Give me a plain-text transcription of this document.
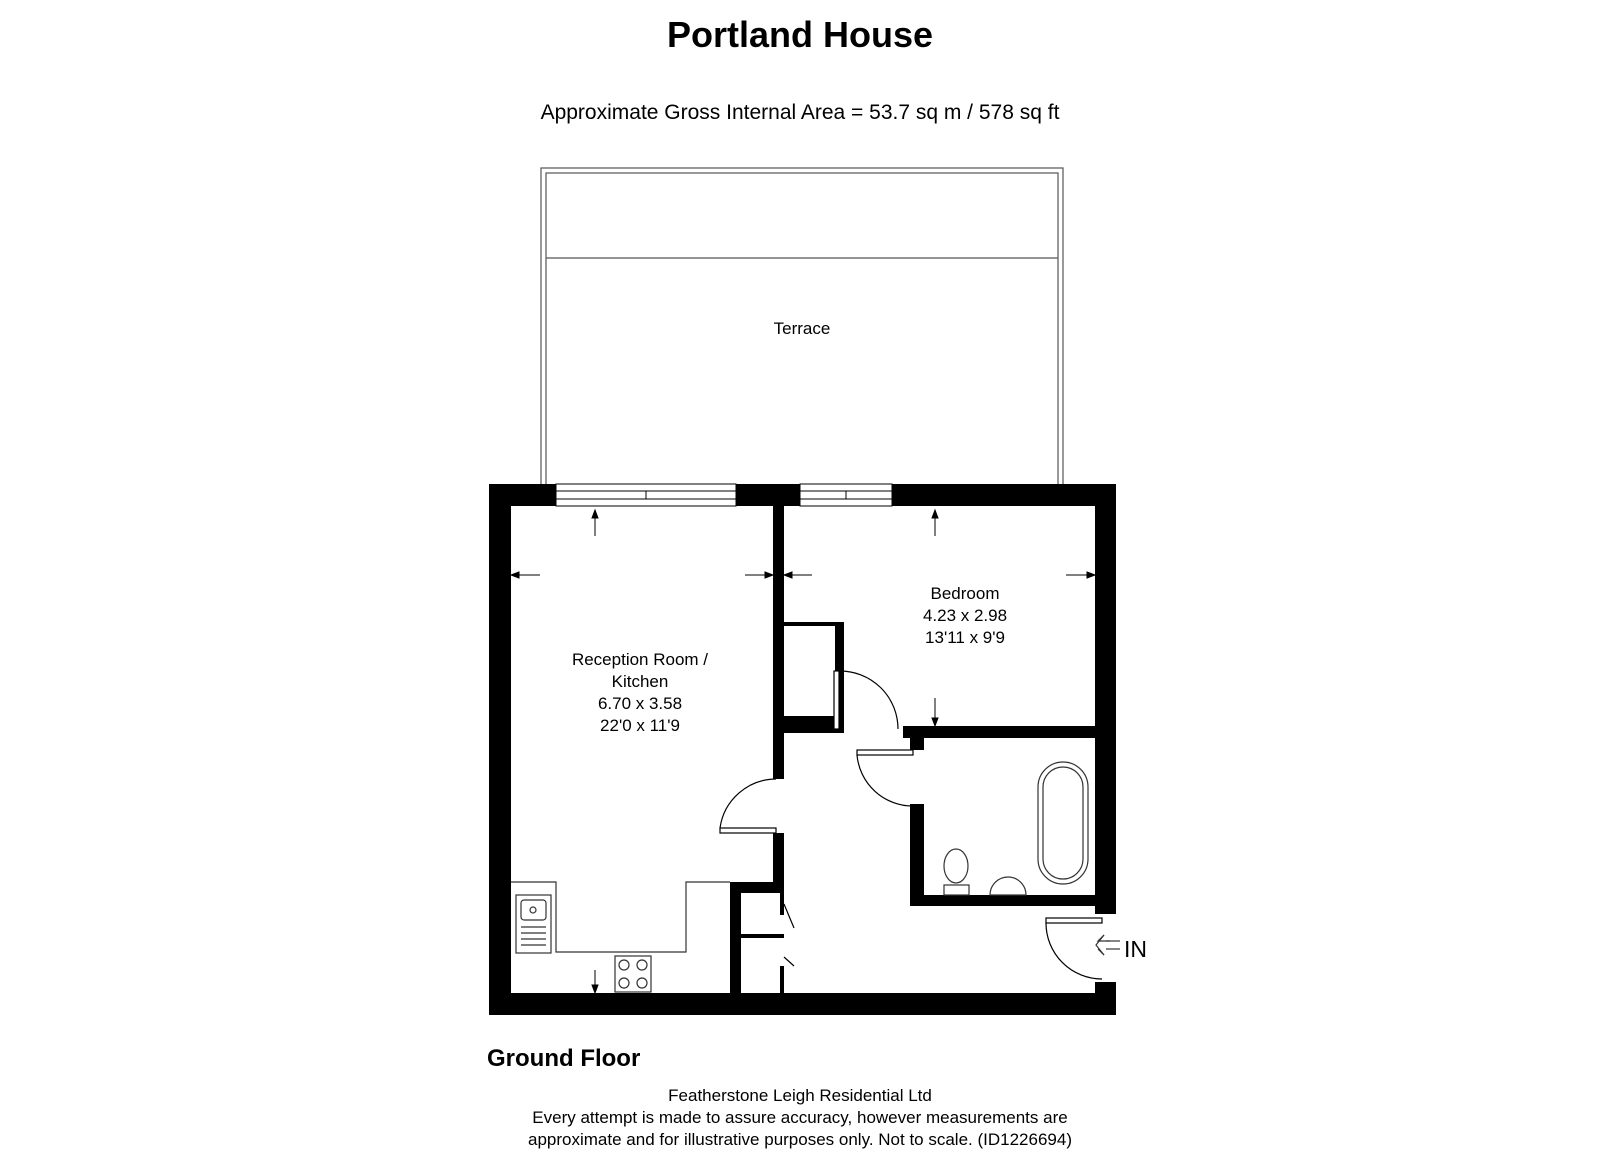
Portland House
Approximate Gross Internal Area = 53.7 sq m / 578 sq ft
Terrace
Reception Room /
Kitchen
6.70 x 3.58
22'0 x 11'9
Bedroom
4.23 x 2.98
13'11 x 9'9
IN
Ground Floor
Featherstone Leigh Residential Ltd
Every attempt is made to assure accuracy, however measurements are
approximate and for illustrative purposes only. Not to scale. (ID1226694)
